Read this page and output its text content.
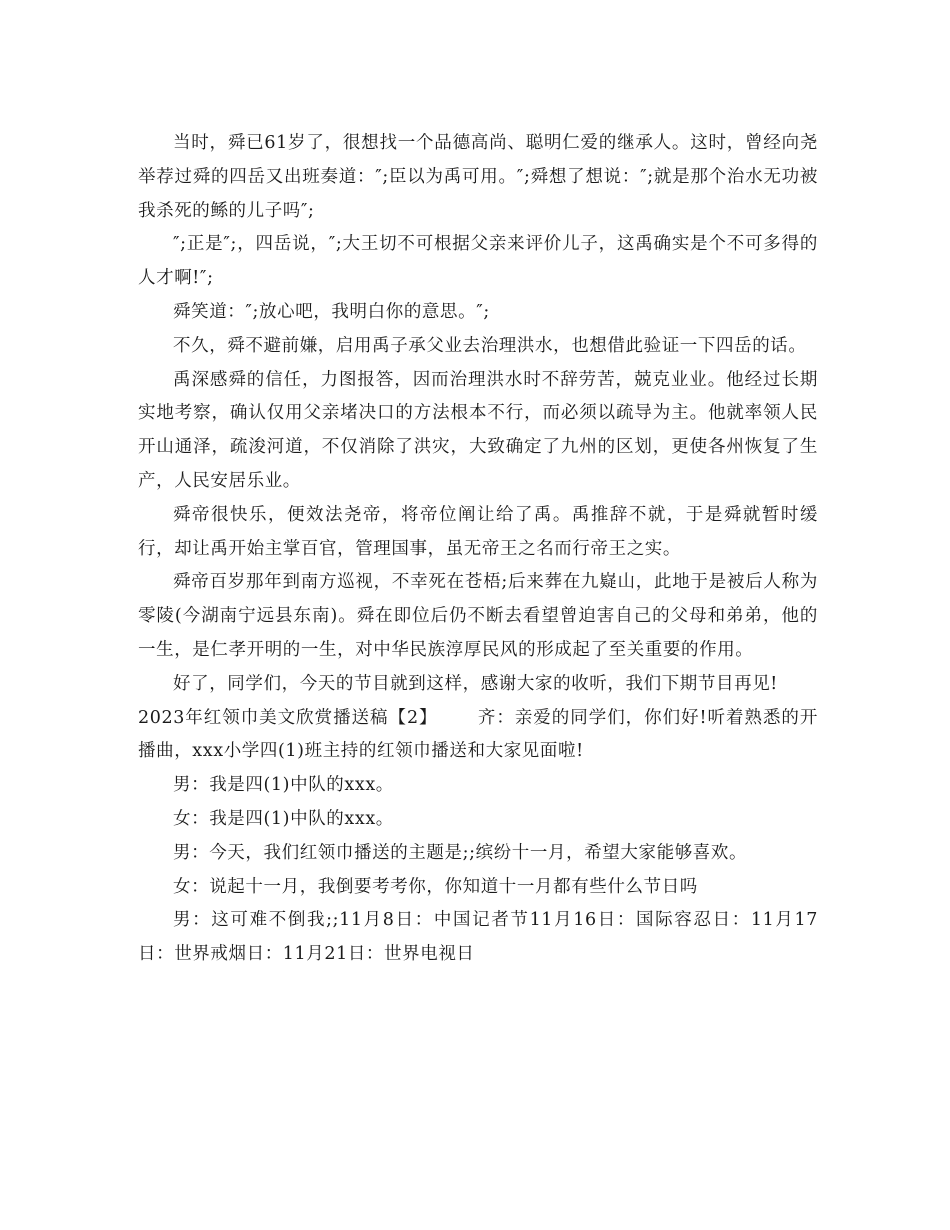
当时，舜已61岁了，很想找一个品德高尚、聪明仁爱的继承人。这时，曾经向尧举荐过舜的四岳又出班奏道：″;臣以为禹可用。″;舜想了想说：″;就是那个治水无功被我杀死的鲧的儿子吗″;

″;正是″;，四岳说，″;大王切不可根据父亲来评价儿子，这禹确实是个不可多得的人才啊!″;

舜笑道：″;放心吧，我明白你的意思。″;

不久，舜不避前嫌，启用禹子承父业去治理洪水，也想借此验证一下四岳的话。

禹深感舜的信任，力图报答，因而治理洪水时不辞劳苦，兢克业业。他经过长期实地考察，确认仅用父亲堵决口的方法根本不行，而必须以疏导为主。他就率领人民开山通泽，疏浚河道，不仅消除了洪灾，大致确定了九州的区划，更使各州恢复了生产，人民安居乐业。

舜帝很快乐，便效法尧帝，将帝位阐让给了禹。禹推辞不就，于是舜就暂时缓行，却让禹开始主掌百官，管理国事，虽无帝王之名而行帝王之实。

舜帝百岁那年到南方巡视，不幸死在苍梧;后来葬在九嶷山，此地于是被后人称为零陵(今湖南宁远县东南)。舜在即位后仍不断去看望曾迫害自己的父母和弟弟，他的一生，是仁孝开明的一生，对中华民族淳厚民风的形成起了至关重要的作用。

好了，同学们，今天的节目就到这样，感谢大家的收听，我们下期节目再见!

2023年红领巾美文欣赏播送稿【2】 齐：亲爱的同学们，你们好!听着熟悉的开播曲，xxx小学四(1)班主持的红领巾播送和大家见面啦!

男：我是四(1)中队的xxx。

女：我是四(1)中队的xxx。

男：今天，我们红领巾播送的主题是;;缤纷十一月，希望大家能够喜欢。

女：说起十一月，我倒要考考你，你知道十一月都有些什么节日吗

男：这可难不倒我;;11月8日：中国记者节11月16日：国际容忍日：11月17日：世界戒烟日：11月21日：世界电视日
